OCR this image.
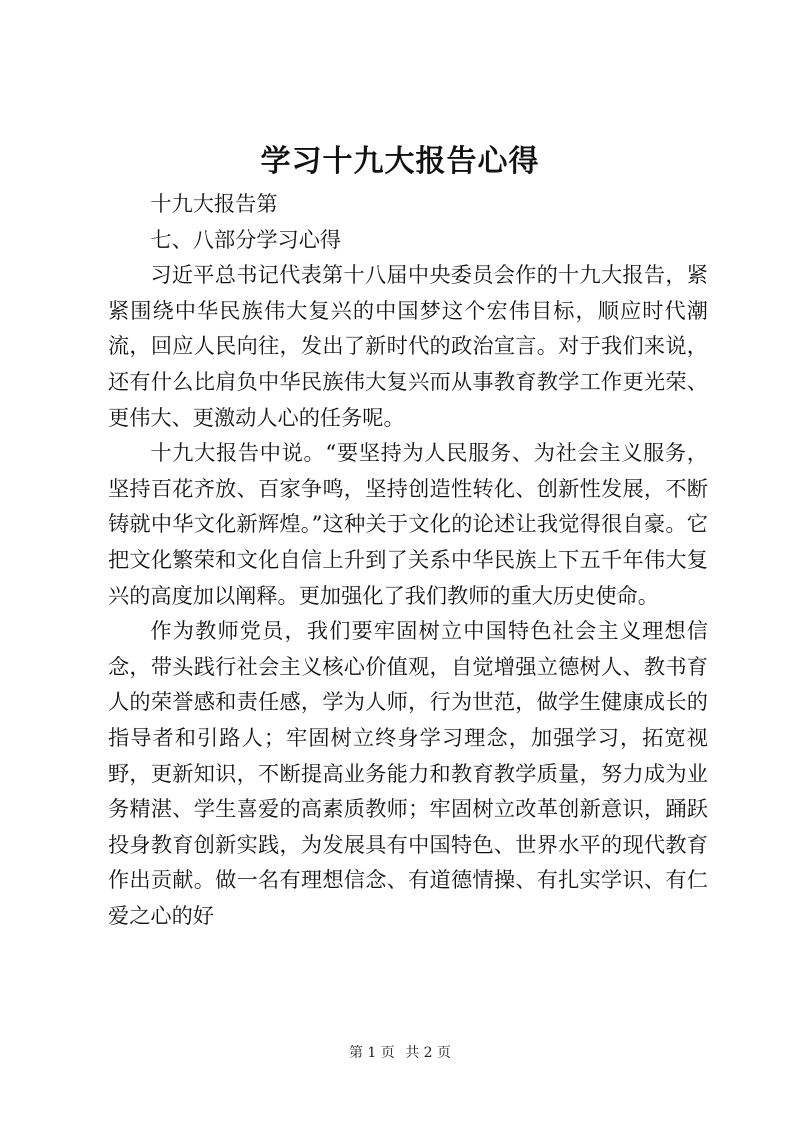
学习十九大报告心得

十九大报告第

七、八部分学习心得

习近平总书记代表第十八届中央委员会作的十九大报告，紧紧围绕中华民族伟大复兴的中国梦这个宏伟目标，顺应时代潮流，回应人民向往，发出了新时代的政治宣言。对于我们来说，还有什么比肩负中华民族伟大复兴而从事教育教学工作更光荣、更伟大、更激动人心的任务呢。

十九大报告中说。“要坚持为人民服务、为社会主义服务，坚持百花齐放、百家争鸣，坚持创造性转化、创新性发展，不断铸就中华文化新辉煌。”这种关于文化的论述让我觉得很自豪。它把文化繁荣和文化自信上升到了关系中华民族上下五千年伟大复兴的高度加以阐释。更加强化了我们教师的重大历史使命。

作为教师党员，我们要牢固树立中国特色社会主义理想信念，带头践行社会主义核心价值观，自觉增强立德树人、教书育人的荣誉感和责任感，学为人师，行为世范，做学生健康成长的指导者和引路人；牢固树立终身学习理念，加强学习，拓宽视野，更新知识，不断提高业务能力和教育教学质量，努力成为业务精湛、学生喜爱的高素质教师；牢固树立改革创新意识，踊跃投身教育创新实践，为发展具有中国特色、世界水平的现代教育作出贡献。做一名有理想信念、有道德情操、有扎实学识、有仁爱之心的好

第 1 页 共 2 页
